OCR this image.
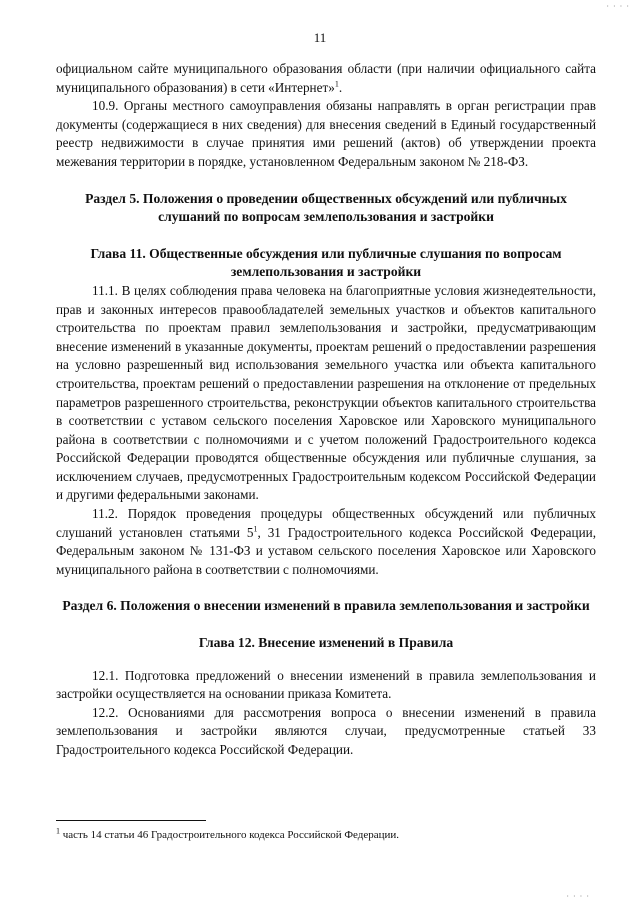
11

официальном сайте муниципального образования области (при наличии официального сайта муниципального образования) в сети «Интернет»$^1$.

10.9. Органы местного самоуправления обязаны направлять в орган регистрации прав документы (содержащиеся в них сведения) для внесения сведений в Единый государственный реестр недвижимости в случае принятия ими решений (актов) об утверждении проекта межевания территории в порядке, установленном Федеральным законом № 218-ФЗ.

Раздел 5. Положения о проведении общественных обсуждений или публичных слушаний по вопросам землепользования и застройки

Глава 11. Общественные обсуждения или публичные слушания по вопросам землепользования и застройки

11.1. В целях соблюдения права человека на благоприятные условия жизнедеятельности, прав и законных интересов правообладателей земельных участков и объектов капитального строительства по проектам правил землепользования и застройки, предусматривающим внесение изменений в указанные документы, проектам решений о предоставлении разрешения на условно разрешенный вид использования земельного участка или объекта капитального строительства, проектам решений о предоставлении разрешения на отклонение от предельных параметров разрешенного строительства, реконструкции объектов капитального строительства в соответствии с уставом сельского поселения Харовское или Харовского муниципального района в соответствии с полномочиями и с учетом положений Градостроительного кодекса Российской Федерации проводятся общественные обсуждения или публичные слушания, за исключением случаев, предусмотренных Градостроительным кодексом Российской Федерации и другими федеральными законами.

11.2. Порядок проведения процедуры общественных обсуждений или публичных слушаний установлен статьями $5^1$, 31 Градостроительного кодекса Российской Федерации, Федеральным законом № 131-ФЗ и уставом сельского поселения Харовское или Харовского муниципального района в соответствии с полномочиями.

Раздел 6. Положения о внесении изменений в правила землепользования и застройки

Глава 12. Внесение изменений в Правила

12.1. Подготовка предложений о внесении изменений в правила землепользования и застройки осуществляется на основании приказа Комитета.

12.2. Основаниями для рассмотрения вопроса о внесении изменений в правила землепользования и застройки являются случаи, предусмотренные статьей 33 Градостроительного кодекса Российской Федерации.

$^1$ часть 14 статьи 46 Градостроительного кодекса Российской Федерации.
· · · ·
· · · ·
